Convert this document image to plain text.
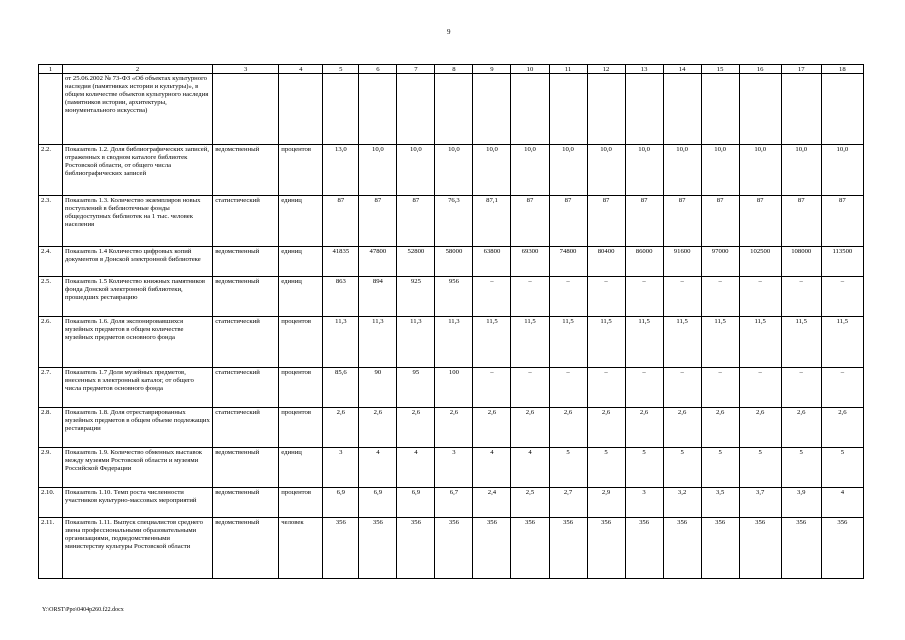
9
1	2	3	4	5	6	7	8	9	10	11	12	13	14	15	16	17	18
	от 25.06.2002 № 73-ФЗ «Об объектах культурного наследия (памятниках истории и культуры)», в общем количестве объектов культурного наследия (памятников истории, архитектуры, монументального искусства)																
2.2.	Показатель 1.2. Доля библиографических записей, отраженных в сводном каталоге библиотек Ростовской области, от общего числа библиографических записей	ведомственный	процентов	13,0	10,0	10,0	10,0	10,0	10,0	10,0	10,0	10,0	10,0	10,0	10,0	10,0	10,0
2.3.	Показатель 1.3. Количество экземпляров новых поступлений в библиотечные фонды общедоступных библиотек на 1 тыс. человек населения	статистический	единиц	87	87	87	76,3	87,1	87	87	87	87	87	87	87	87	87
2.4.	Показатель 1.4 Количество цифровых копий документов в Донской электронной библиотеке	ведомственный	единиц	41835	47800	52800	58000	63800	69300	74800	80400	86000	91600	97000	102500	108000	113500
2.5.	Показатель 1.5 Количество книжных памятников фонда Донской электронной библиотеки, прошедших реставрацию	ведомственный	единиц	863	894	925	956	–	–	–	–	–	–	–	–	–	–
2.6.	Показатель 1.6. Доля экспонировавшихся музейных предметов в общем количестве музейных предметов основного фонда	статистический	процентов	11,3	11,3	11,3	11,3	11,5	11,5	11,5	11,5	11,5	11,5	11,5	11,5	11,5	11,5
2.7.	Показатель 1.7 Доля музейных предметов, внесенных в электронный каталог, от общего числа предметов основного фонда	статистический	процентов	85,6	90	95	100	–	–	–	–	–	–	–	–	–	–
2.8.	Показатель 1.8. Доля отреставрированных музейных предметов в общем объеме подлежащих реставрации	статистический	процентов	2,6	2,6	2,6	2,6	2,6	2,6	2,6	2,6	2,6	2,6	2,6	2,6	2,6	2,6
2.9.	Показатель 1.9. Количество обменных выставок между музеями Ростовской области и музеями Российской Федерации	ведомственный	единиц	3	4	4	3	4	4	5	5	5	5	5	5	5	5
2.10.	Показатель 1.10. Темп роста численности участников культурно-массовых мероприятий	ведомственный	процентов	6,9	6,9	6,9	6,7	2,4	2,5	2,7	2,9	3	3,2	3,5	3,7	3,9	4
2.11.	Показатель 1.11. Выпуск специалистов среднего звена профессиональными образовательными организациями, подведомственными министерству культуры Ростовской области	ведомственный	человек	356	356	356	356	356	356	356	356	356	356	356	356	356	356
Y:\ORST\Ppo\0404p260.f22.docx
